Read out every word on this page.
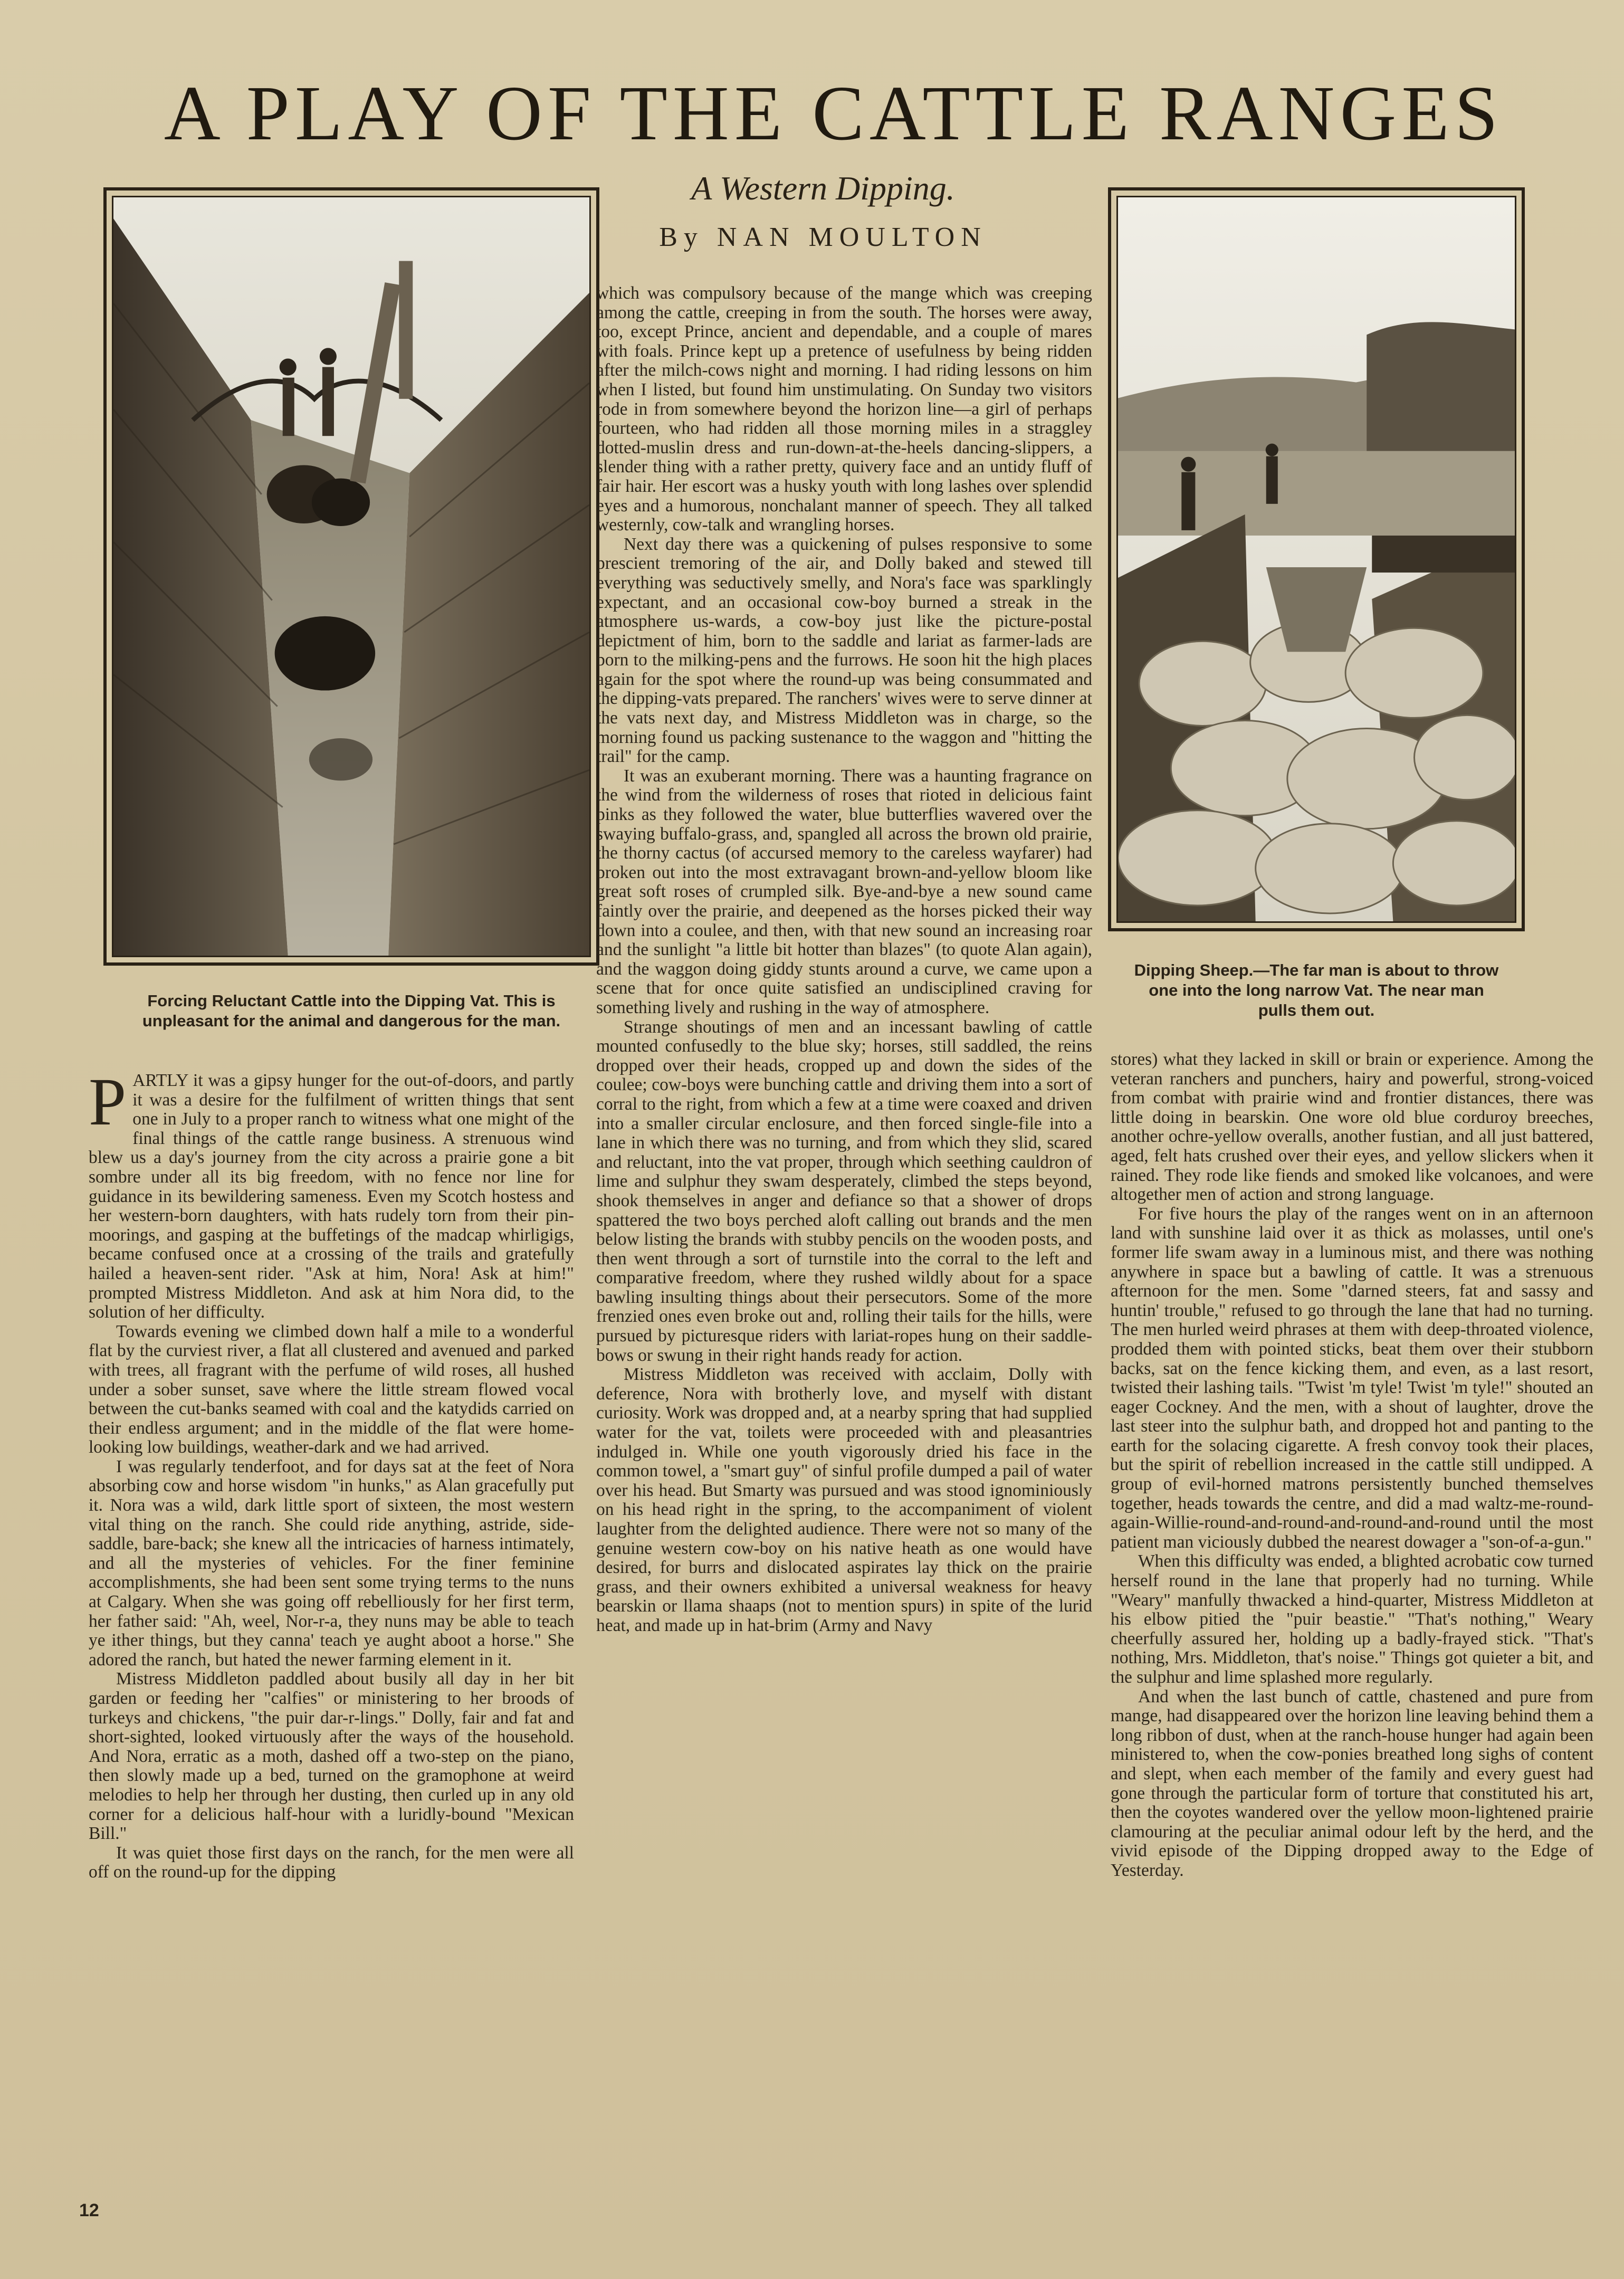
A PLAY OF THE CATTLE RANGES
A Western Dipping.
By NAN MOULTON
Forcing Reluctant Cattle into the Dipping Vat. This is unpleasant for the animal and dangerous for the man.
Dipping Sheep.—The far man is about to throw one into the long narrow Vat. The near man pulls them out.

PARTLY it was a gipsy hunger for the out-of-doors, and partly it was a desire for the fulfilment of written things that sent one in July to a proper ranch to witness what one might of the final things of the cattle range business. A strenuous wind blew us a day's journey from the city across a prairie gone a bit sombre under all its big freedom, with no fence nor line for guidance in its bewildering sameness. Even my Scotch hostess and her western-born daughters, with hats rudely torn from their pin-moorings, and gasping at the buffetings of the madcap whirligigs, became confused once at a crossing of the trails and gratefully hailed a heaven-sent rider. "Ask at him, Nora! Ask at him!" prompted Mistress Middleton. And ask at him Nora did, to the solution of her difficulty.

Towards evening we climbed down half a mile to a wonderful flat by the curviest river, a flat all clustered and avenued and parked with trees, all fragrant with the perfume of wild roses, all hushed under a sober sunset, save where the little stream flowed vocal between the cut-banks seamed with coal and the katydids carried on their endless argument; and in the middle of the flat were home-looking low buildings, weather-dark and we had arrived.

I was regularly tenderfoot, and for days sat at the feet of Nora absorbing cow and horse wisdom "in hunks," as Alan gracefully put it. Nora was a wild, dark little sport of sixteen, the most western vital thing on the ranch. She could ride anything, astride, side-saddle, bare-back; she knew all the intricacies of harness intimately, and all the mysteries of vehicles. For the finer feminine accomplishments, she had been sent some trying terms to the nuns at Calgary. When she was going off rebelliously for her first term, her father said: "Ah, weel, Nor-r-a, they nuns may be able to teach ye ither things, but they canna' teach ye aught aboot a horse." She adored the ranch, but hated the newer farming element in it.

Mistress Middleton paddled about busily all day in her bit garden or feeding her "calfies" or ministering to her broods of turkeys and chickens, "the puir dar-r-lings." Dolly, fair and fat and short-sighted, looked virtuously after the ways of the household. And Nora, erratic as a moth, dashed off a two-step on the piano, then slowly made up a bed, turned on the gramophone at weird melodies to help her through her dusting, then curled up in any old corner for a delicious half-hour with a luridly-bound "Mexican Bill."

It was quiet those first days on the ranch, for the men were all off on the round-up for the dipping

which was compulsory because of the mange which was creeping among the cattle, creeping in from the south. The horses were away, too, except Prince, ancient and dependable, and a couple of mares with foals. Prince kept up a pretence of usefulness by being ridden after the milch-cows night and morning. I had riding lessons on him when I listed, but found him unstimulating. On Sunday two visitors rode in from somewhere beyond the horizon line—a girl of perhaps fourteen, who had ridden all those morning miles in a straggley dotted-muslin dress and run-down-at-the-heels dancing-slippers, a slender thing with a rather pretty, quivery face and an untidy fluff of fair hair. Her escort was a husky youth with long lashes over splendid eyes and a humorous, nonchalant manner of speech. They all talked westernly, cow-talk and wrangling horses.

Next day there was a quickening of pulses responsive to some prescient tremoring of the air, and Dolly baked and stewed till everything was seductively smelly, and Nora's face was sparklingly expectant, and an occasional cow-boy burned a streak in the atmosphere us-wards, a cow-boy just like the picture-postal depictment of him, born to the saddle and lariat as farmer-lads are born to the milking-pens and the furrows. He soon hit the high places again for the spot where the round-up was being consummated and the dipping-vats prepared. The ranchers' wives were to serve dinner at the vats next day, and Mistress Middleton was in charge, so the morning found us packing sustenance to the waggon and "hitting the trail" for the camp.

It was an exuberant morning. There was a haunting fragrance on the wind from the wilderness of roses that rioted in delicious faint pinks as they followed the water, blue butterflies wavered over the swaying buffalo-grass, and, spangled all across the brown old prairie, the thorny cactus (of accursed memory to the careless wayfarer) had broken out into the most extravagant brown-and-yellow bloom like great soft roses of crumpled silk. Bye-and-bye a new sound came faintly over the prairie, and deepened as the horses picked their way down into a coulee, and then, with that new sound an increasing roar and the sunlight "a little bit hotter than blazes" (to quote Alan again), and the waggon doing giddy stunts around a curve, we came upon a scene that for once quite satisfied an undisciplined craving for something lively and rushing in the way of atmosphere.

Strange shoutings of men and an incessant bawling of cattle mounted confusedly to the blue sky; horses, still saddled, the reins dropped over their heads, cropped up and down the sides of the coulee; cow-boys were bunching cattle and driving them into a sort of corral to the right, from which a few at a time were coaxed and driven into a smaller circular enclosure, and then forced single-file into a lane in which there was no turning, and from which they slid, scared and reluctant, into the vat proper, through which seething cauldron of lime and sulphur they swam desperately, climbed the steps beyond, shook themselves in anger and defiance so that a shower of drops spattered the two boys perched aloft calling out brands and the men below listing the brands with stubby pencils on the wooden posts, and then went through a sort of turnstile into the corral to the left and comparative freedom, where they rushed wildly about for a space bawling insulting things about their persecutors. Some of the more frenzied ones even broke out and, rolling their tails for the hills, were pursued by picturesque riders with lariat-ropes hung on their saddle-bows or swung in their right hands ready for action.

Mistress Middleton was received with acclaim, Dolly with deference, Nora with brotherly love, and myself with distant curiosity. Work was dropped and, at a nearby spring that had supplied water for the vat, toilets were proceeded with and pleasantries indulged in. While one youth vigorously dried his face in the common towel, a "smart guy" of sinful profile dumped a pail of water over his head. But Smarty was pursued and was stood ignominiously on his head right in the spring, to the accompaniment of violent laughter from the delighted audience. There were not so many of the genuine western cow-boy on his native heath as one would have desired, for burrs and dislocated aspirates lay thick on the prairie grass, and their owners exhibited a universal weakness for heavy bearskin or llama shaaps (not to mention spurs) in spite of the lurid heat, and made up in hat-brim (Army and Navy

stores) what they lacked in skill or brain or experience. Among the veteran ranchers and punchers, hairy and powerful, strong-voiced from combat with prairie wind and frontier distances, there was little doing in bearskin. One wore old blue corduroy breeches, another ochre-yellow overalls, another fustian, and all just battered, aged, felt hats crushed over their eyes, and yellow slickers when it rained. They rode like fiends and smoked like volcanoes, and were altogether men of action and strong language.

For five hours the play of the ranges went on in an afternoon land with sunshine laid over it as thick as molasses, until one's former life swam away in a luminous mist, and there was nothing anywhere in space but a bawling of cattle. It was a strenuous afternoon for the men. Some "darned steers, fat and sassy and huntin' trouble," refused to go through the lane that had no turning. The men hurled weird phrases at them with deep-throated violence, prodded them with pointed sticks, beat them over their stubborn backs, sat on the fence kicking them, and even, as a last resort, twisted their lashing tails. "Twist 'm tyle! Twist 'm tyle!" shouted an eager Cockney. And the men, with a shout of laughter, drove the last steer into the sulphur bath, and dropped hot and panting to the earth for the solacing cigarette. A fresh convoy took their places, but the spirit of rebellion increased in the cattle still undipped. A group of evil-horned matrons persistently bunched themselves together, heads towards the centre, and did a mad waltz-me-round-again-Willie-round-and-round-and-round-and-round until the most patient man viciously dubbed the nearest dowager a "son-of-a-gun."

When this difficulty was ended, a blighted acrobatic cow turned herself round in the lane that properly had no turning. While "Weary" manfully thwacked a hind-quarter, Mistress Middleton at his elbow pitied the "puir beastie." "That's nothing," Weary cheerfully assured her, holding up a badly-frayed stick. "That's nothing, Mrs. Middleton, that's noise." Things got quieter a bit, and the sulphur and lime splashed more regularly.

And when the last bunch of cattle, chastened and pure from mange, had disappeared over the horizon line leaving behind them a long ribbon of dust, when at the ranch-house hunger had again been ministered to, when the cow-ponies breathed long sighs of content and slept, when each member of the family and every guest had gone through the particular form of torture that constituted his art, then the coyotes wandered over the yellow moon-lightened prairie clamouring at the peculiar animal odour left by the herd, and the vivid episode of the Dipping dropped away to the Edge of Yesterday.

12
